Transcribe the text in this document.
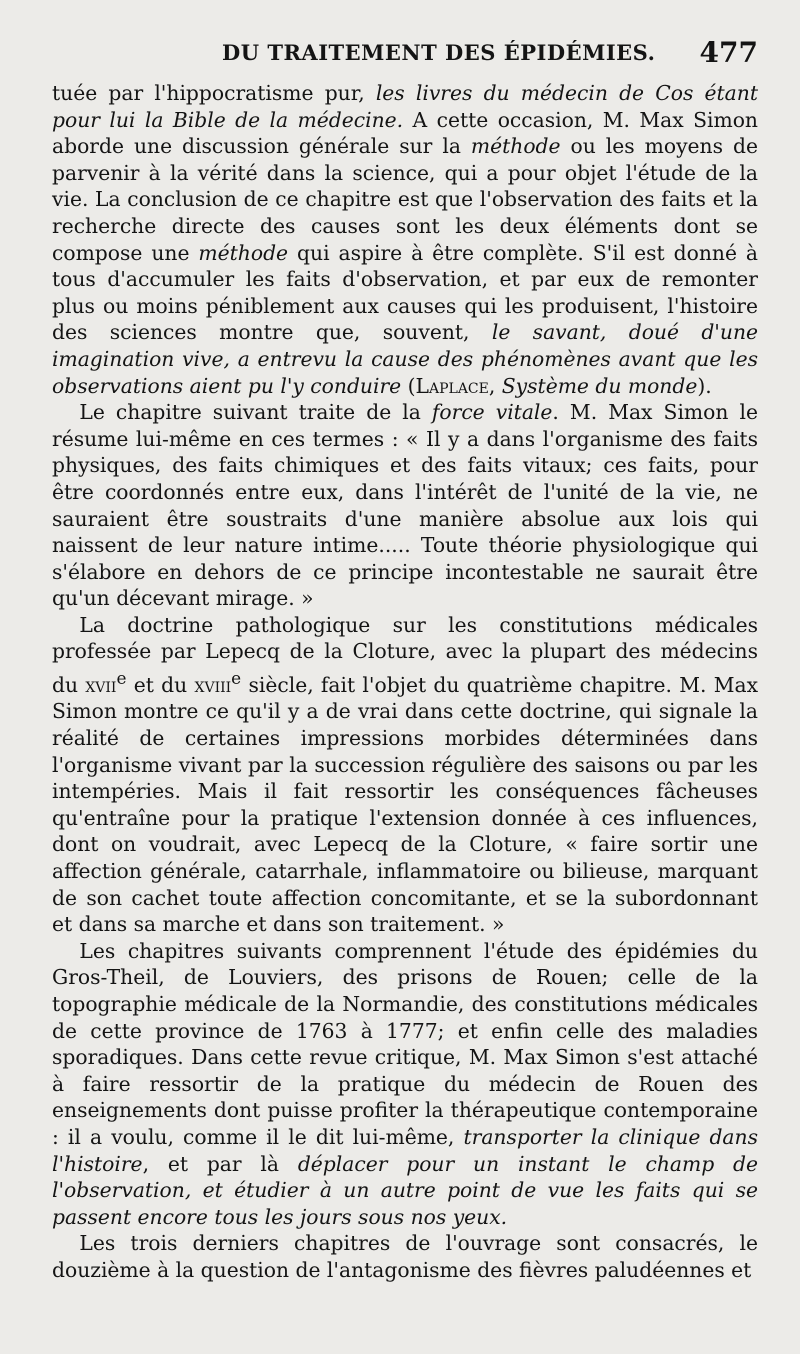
DU TRAITEMENT DES ÉPIDÉMIES. 477

tuée par l'hippocratisme pur, les livres du médecin de Cos étant pour lui la Bible de la médecine. A cette occasion, M. Max Simon aborde une discussion générale sur la méthode ou les moyens de parvenir à la vérité dans la science, qui a pour objet l'étude de la vie. La conclusion de ce chapitre est que l'observation des faits et la recherche directe des causes sont les deux éléments dont se compose une méthode qui aspire à être complète. S'il est donné à tous d'accumuler les faits d'observation, et par eux de remonter plus ou moins péniblement aux causes qui les produisent, l'histoire des sciences montre que, souvent, le savant, doué d'une imagination vive, a entrevu la cause des phénomènes avant que les observations aient pu l'y conduire (Laplace, Système du monde).

Le chapitre suivant traite de la force vitale. M. Max Simon le résume lui-même en ces termes : « Il y a dans l'organisme des faits physiques, des faits chimiques et des faits vitaux; ces faits, pour être coordonnés entre eux, dans l'intérêt de l'unité de la vie, ne sauraient être soustraits d'une manière absolue aux lois qui naissent de leur nature intime..... Toute théorie physiologique qui s'élabore en dehors de ce principe incontestable ne saurait être qu'un décevant mirage. »

La doctrine pathologique sur les constitutions médicales professée par Lepecq de la Cloture, avec la plupart des médecins du xvii$^e$ et du xviii$^e$ siècle, fait l'objet du quatrième chapitre. M. Max Simon montre ce qu'il y a de vrai dans cette doctrine, qui signale la réalité de certaines impressions morbides déterminées dans l'organisme vivant par la succession régulière des saisons ou par les intempéries. Mais il fait ressortir les conséquences fâcheuses qu'entraîne pour la pratique l'extension donnée à ces influences, dont on voudrait, avec Lepecq de la Cloture, « faire sortir une affection générale, catarrhale, inflammatoire ou bilieuse, marquant de son cachet toute affection concomitante, et se la subordonnant et dans sa marche et dans son traitement. »

Les chapitres suivants comprennent l'étude des épidémies du Gros-Theil, de Louviers, des prisons de Rouen; celle de la topographie médicale de la Normandie, des constitutions médicales de cette province de 1763 à 1777; et enfin celle des maladies sporadiques. Dans cette revue critique, M. Max Simon s'est attaché à faire ressortir de la pratique du médecin de Rouen des enseignements dont puisse profiter la thérapeutique contemporaine : il a voulu, comme il le dit lui-même, transporter la clinique dans l'histoire, et par là déplacer pour un instant le champ de l'observation, et étudier à un autre point de vue les faits qui se passent encore tous les jours sous nos yeux.

Les trois derniers chapitres de l'ouvrage sont consacrés, le douzième à la question de l'antagonisme des fièvres paludéennes et
